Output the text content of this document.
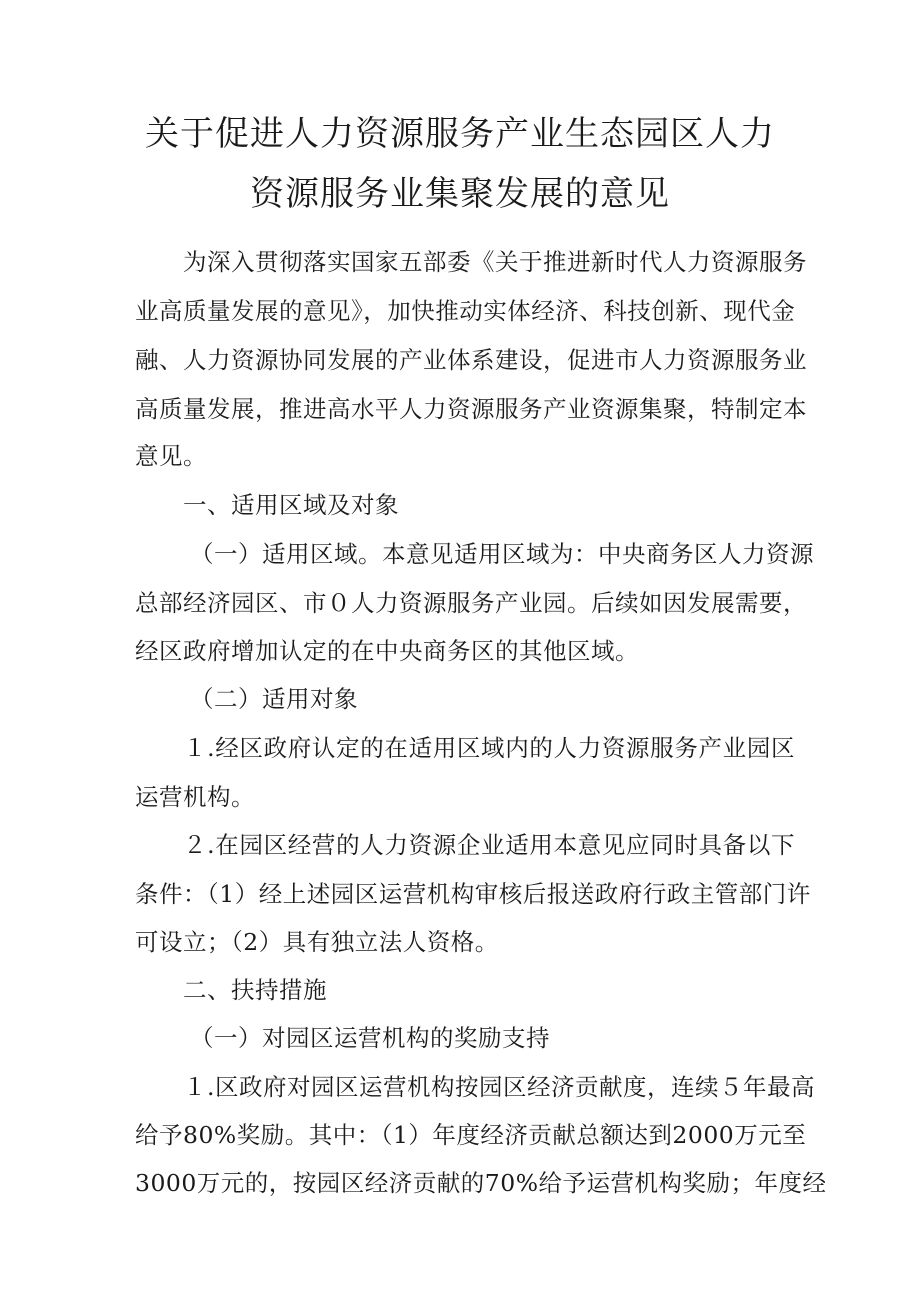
关于促进人力资源服务产业生态园区人力
资源服务业集聚发展的意见
为深入贯彻落实国家五部委《关于推进新时代人力资源服务
业高质量发展的意见》，加快推动实体经济、科技创新、现代金
融、人力资源协同发展的产业体系建设，促进市人力资源服务业
高质量发展，推进高水平人力资源服务产业资源集聚，特制定本
意见。
一、适用区域及对象
（一）适用区域。本意见适用区域为：中央商务区人力资源
总部经济园区、市０人力资源服务产业园。后续如因发展需要，
经区政府增加认定的在中央商务区的其他区域。
（二）适用对象
１.经区政府认定的在适用区域内的人力资源服务产业园区
运营机构。
２.在园区经营的人力资源企业适用本意见应同时具备以下
条件：（1）经上述园区运营机构审核后报送政府行政主管部门许
可设立；（2）具有独立法人资格。
二、扶持措施
（一）对园区运营机构的奖励支持
１.区政府对园区运营机构按园区经济贡献度，连续５年最高
给予80%奖励。其中：（1）年度经济贡献总额达到2000万元至
3000万元的，按园区经济贡献的70%给予运营机构奖励；年度经
